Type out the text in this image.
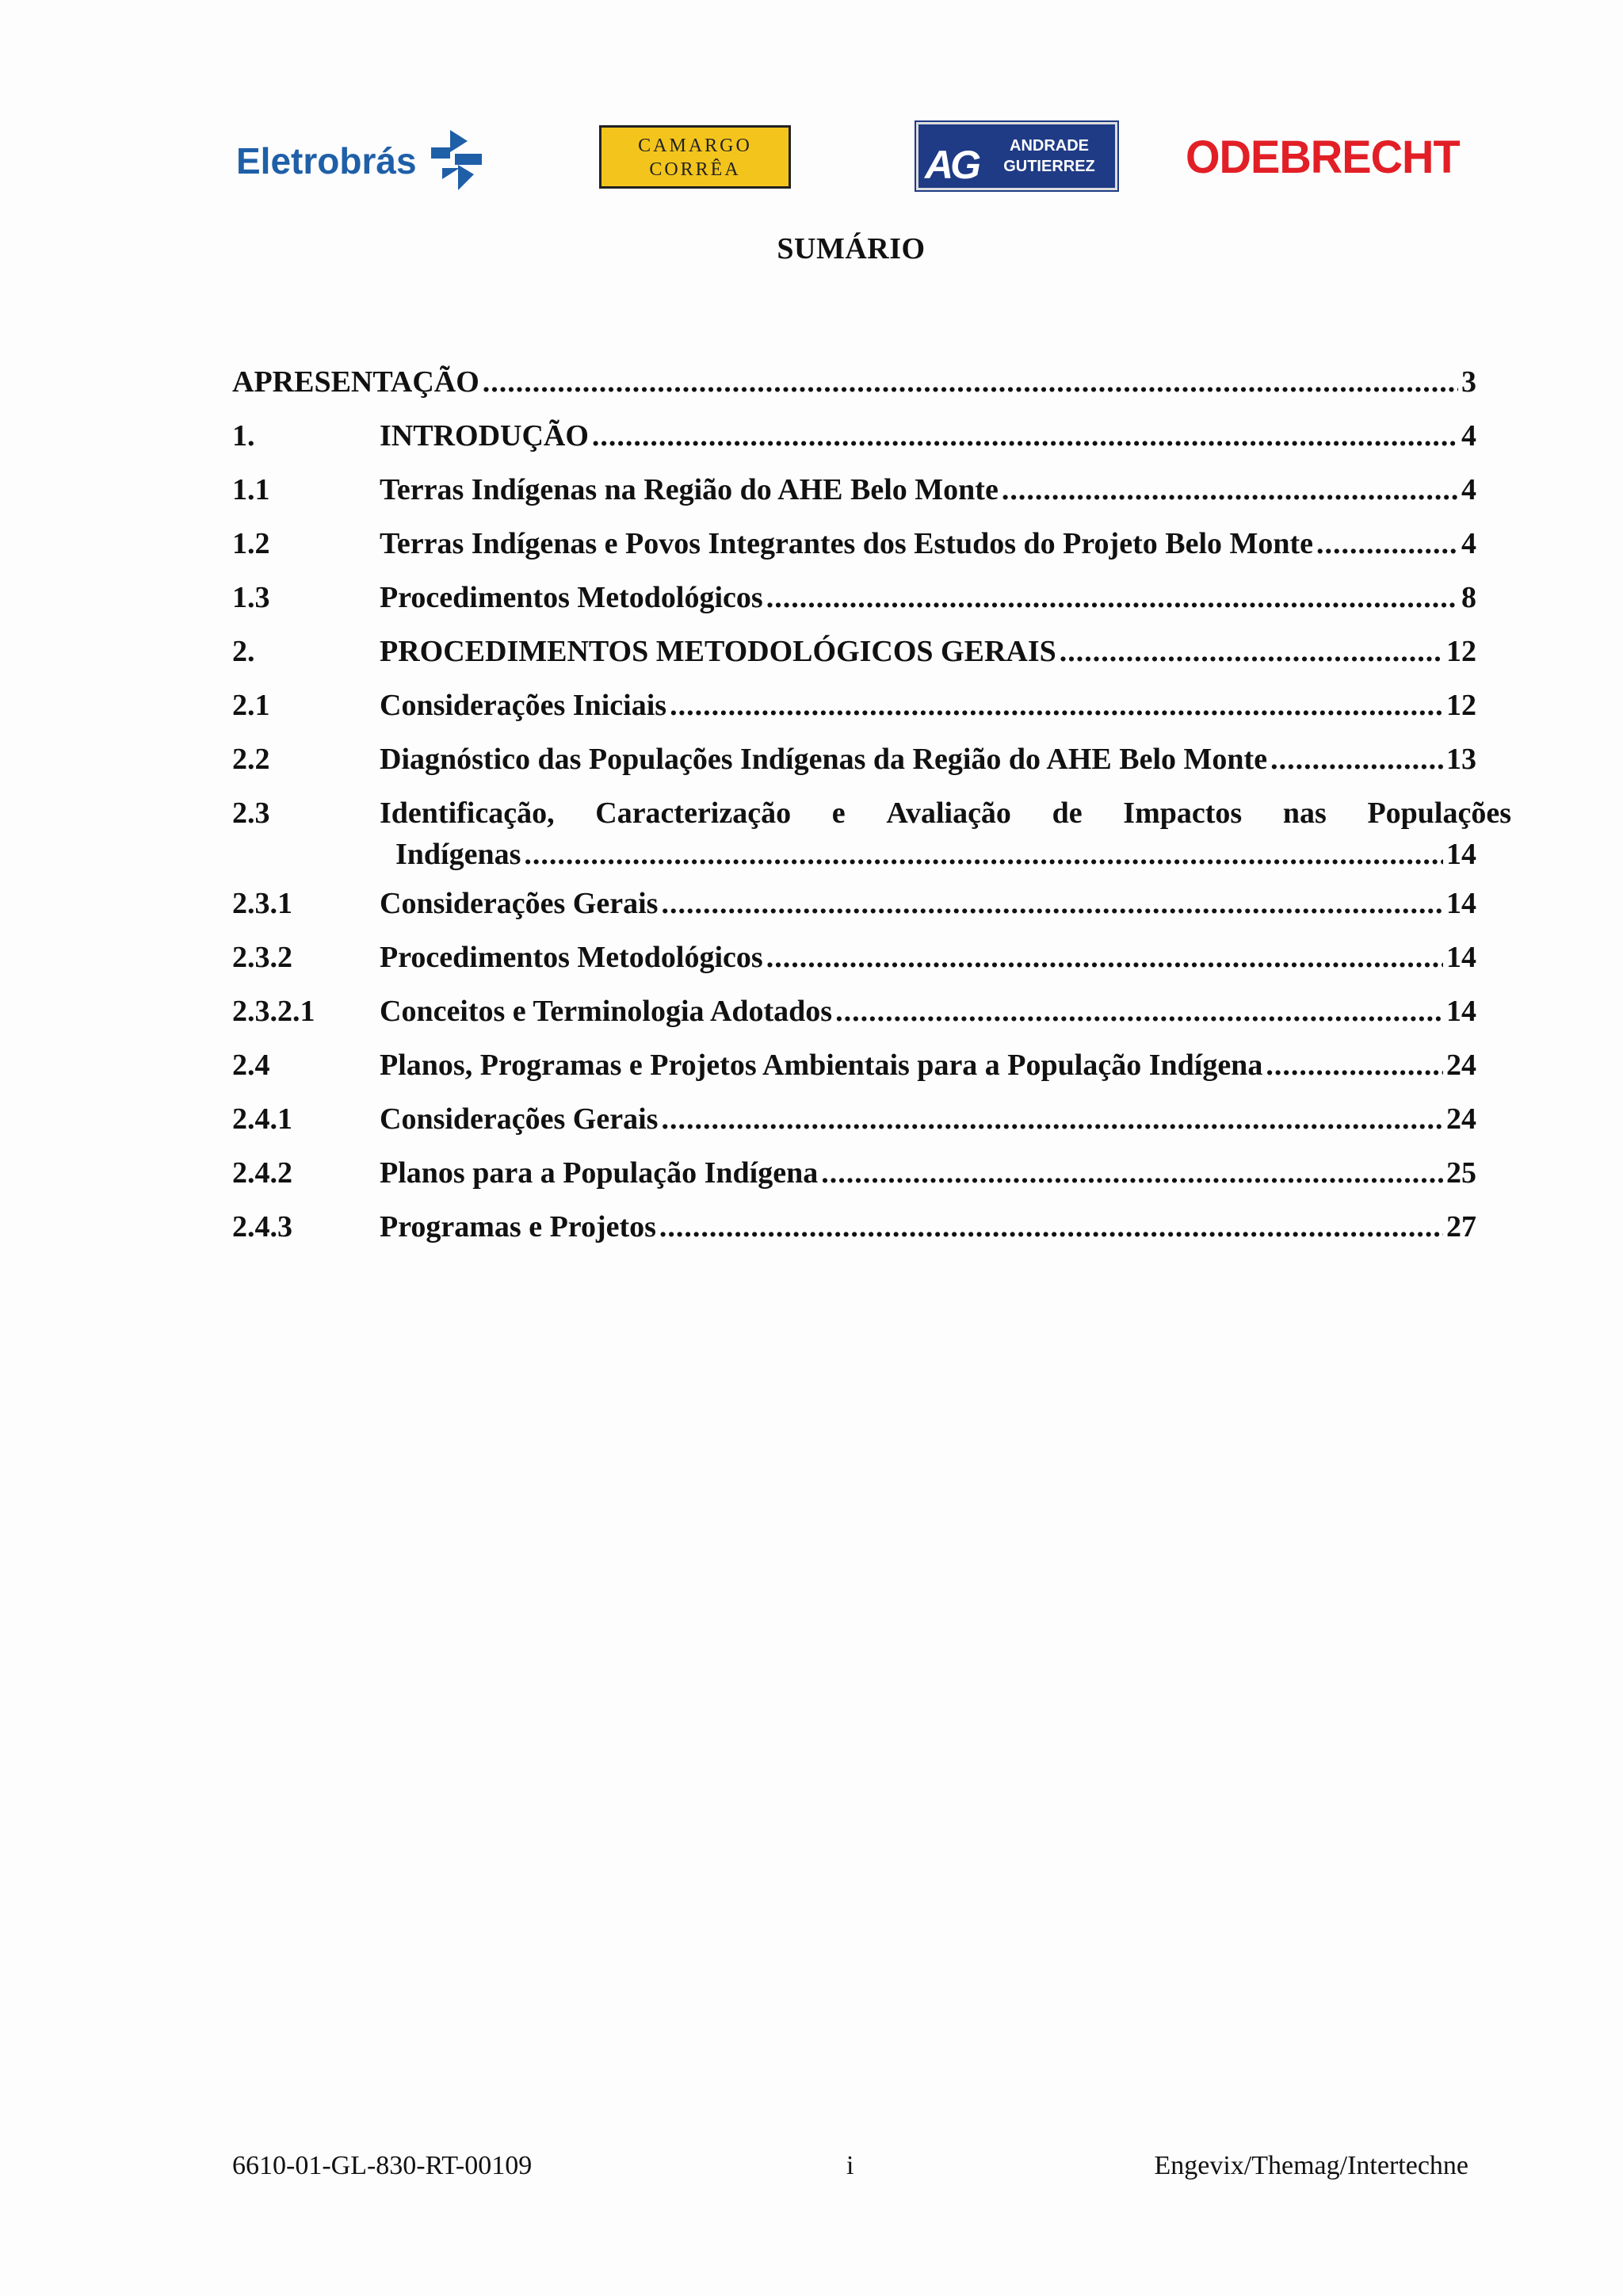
Eletrobrás	CAMARGO
CORRÊA	AG	ANDRADE
GUTIERREZ	ODEBRECHT
SUMÁRIO
APRESENTAÇÃO .....	3
1.	INTRODUÇÃO .....	4
1.1	Terras Indígenas na Região do AHE Belo Monte .....	4
1.2	Terras Indígenas e Povos Integrantes dos Estudos do Projeto Belo Monte .....	4
1.3	Procedimentos Metodológicos .....	8
2.	PROCEDIMENTOS METODOLÓGICOS GERAIS .....	12
2.1	Considerações Iniciais .....	12
2.2	Diagnóstico das Populações Indígenas da Região do AHE Belo Monte .....	13
2.3	Identificação, Caracterização e Avaliação de Impactos nas Populações
Indígenas .....	14
2.3.1	Considerações Gerais .....	14
2.3.2	Procedimentos Metodológicos .....	14
2.3.2.1 Conceitos e Terminologia Adotados .....	14
2.4	Planos, Programas e Projetos Ambientais para a População Indígena .....	24
2.4.1	Considerações Gerais .....	24
2.4.2	Planos para a População Indígena .....	25
2.4.3	Programas e Projetos .....	27
6610-01-GL-830-RT-00109	i	Engevix/Themag/Intertechne
